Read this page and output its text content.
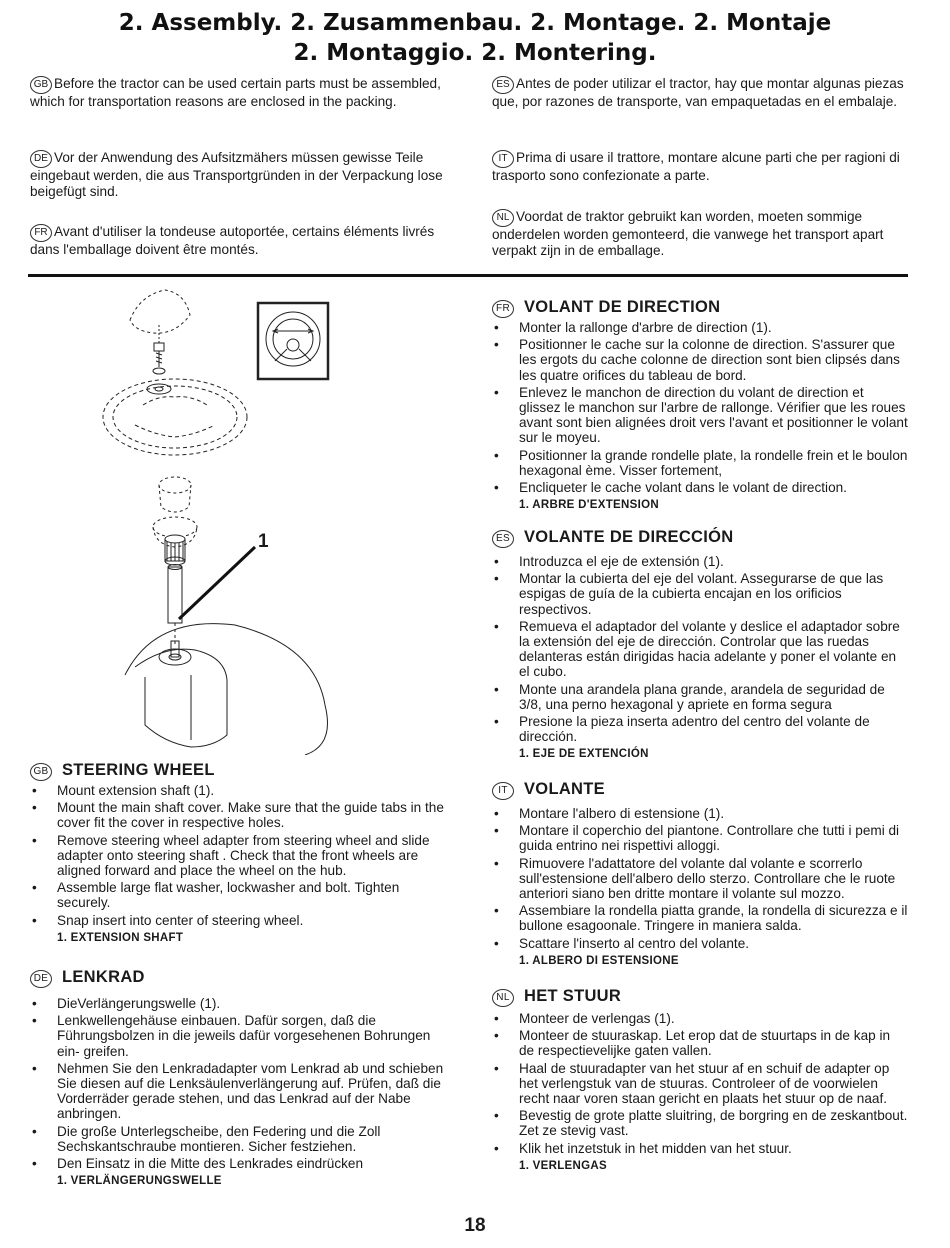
2. Assembly. 2. Zusammenbau. 2. Montage. 2. Montaje
2. Montaggio. 2. Montering.

GB Before the tractor can be used certain parts must be assembled, which for transportation reasons are enclosed in the packing.

DE Vor der Anwendung des Aufsitzmähers müssen gewisse Teile eingebaut werden, die aus Transportgründen in der Verpackung lose beigefügt sind.

FR Avant d'utiliser la tondeuse autoportée, certains éléments livrés dans l'emballage doivent être montés.

ES Antes de poder utilizar el tractor, hay que montar algunas piezas que, por razones de transporte, van empaquetadas en el embalaje.

IT Prima di usare il trattore, montare alcune parti che per ragioni di trasporto sono confezionate a parte.

NL Voordat de traktor gebruikt kan worden, moeten sommige onderdelen worden gemonteerd, die vanwege het transport apart verpakt zijn in de emballage.

1
GB STEERING WHEEL
• Mount extension shaft (1).
• Mount the main shaft cover. Make sure that the guide tabs in the cover fit the cover in respective holes.
• Remove steering wheel adapter from steering wheel and slide adapter onto steering shaft . Check that the front wheels are aligned forward and place the wheel on the hub.
• Assemble large flat washer, lockwasher and bolt. Tighten securely.
• Snap insert into center of steering wheel.
1. EXTENSION SHAFT
DE LENKRAD
• DieVerlängerungswelle (1).
• Lenkwellengehäuse einbauen. Dafür sorgen, daß die Führungsbolzen in die jeweils dafür vorgesehenen Bohrungen ein- greifen.
• Nehmen Sie den Lenkradadapter vom Lenkrad ab und schieben Sie diesen auf die Lenksäulenverlängerung auf. Prüfen, daß die Vorderräder gerade stehen, und das Lenkrad auf der Nabe anbringen.
• Die große Unterlegscheibe, den Federing und die Zoll Sechskantschraube montieren. Sicher festziehen.
• Den Einsatz in die Mitte des Lenkrades eindrücken
1. VERLÄNGERUNGSWELLE
FR VOLANT DE DIRECTION
• Monter la rallonge d'arbre de direction (1).
• Positionner le cache sur la colonne de direction. S'assurer que les ergots du cache colonne de direction sont bien clipsés dans les quatre orifices du tableau de bord.
• Enlevez le manchon de direction du volant de direction et glissez le manchon sur l'arbre de rallonge. Vérifier que les roues avant sont bien alignées droit vers l'avant et positionner le volant sur le moyeu.
• Positionner la grande rondelle plate, la rondelle frein et le boulon hexagonal ème. Visser fortement,
• Encliqueter le cache volant dans le volant de direction.
1. ARBRE D'EXTENSION
ES VOLANTE DE DIRECCIÓN
• Introduzca el eje de extensión (1).
• Montar la cubierta del eje del volant. Assegurarse de que las espigas de guía de la cubierta encajan en los orificios respectivos.
• Remueva el adaptador del volante y deslice el adaptador sobre la extensión del eje de dirección. Controlar que las ruedas delanteras están dirigidas hacia adelante y poner el volante en el cubo.
• Monte una arandela plana grande, arandela de seguridad de 3/8, una perno hexagonal y apriete en forma segura
• Presione la pieza inserta adentro del centro del volante de dirección.
1. EJE DE EXTENCIÓN
IT VOLANTE
• Montare l'albero di estensione (1).
• Montare il coperchio del piantone. Controllare che tutti i pemi di guida entrino nei rispettivi alloggi.
• Rimuovere l'adattatore del volante dal volante e scorrerlo sull'estensione dell'albero dello sterzo. Controllare che le ruote anteriori siano ben dritte montare il volante sul mozzo.
• Assembiare la rondella piatta grande, la rondella di sicurezza e il bullone esagoonale. Tringere in maniera salda.
• Scattare l'inserto al centro del volante.
1. ALBERO DI ESTENSIONE
NL HET STUUR
• Monteer de verlengas (1).
• Monteer de stuuraskap. Let erop dat de stuurtaps in de kap in de respectievelijke gaten vallen.
• Haal de stuuradapter van het stuur af en schuif de adapter op het verlengstuk van de stuuras. Controleer of de voorwielen recht naar voren staan gericht en plaats het stuur op de naaf.
• Bevestig de grote platte sluitring, de borgring en de zeskantbout. Zet ze stevig vast.
• Klik het inzetstuk in het midden van het stuur.
1. VERLENGAS
18
